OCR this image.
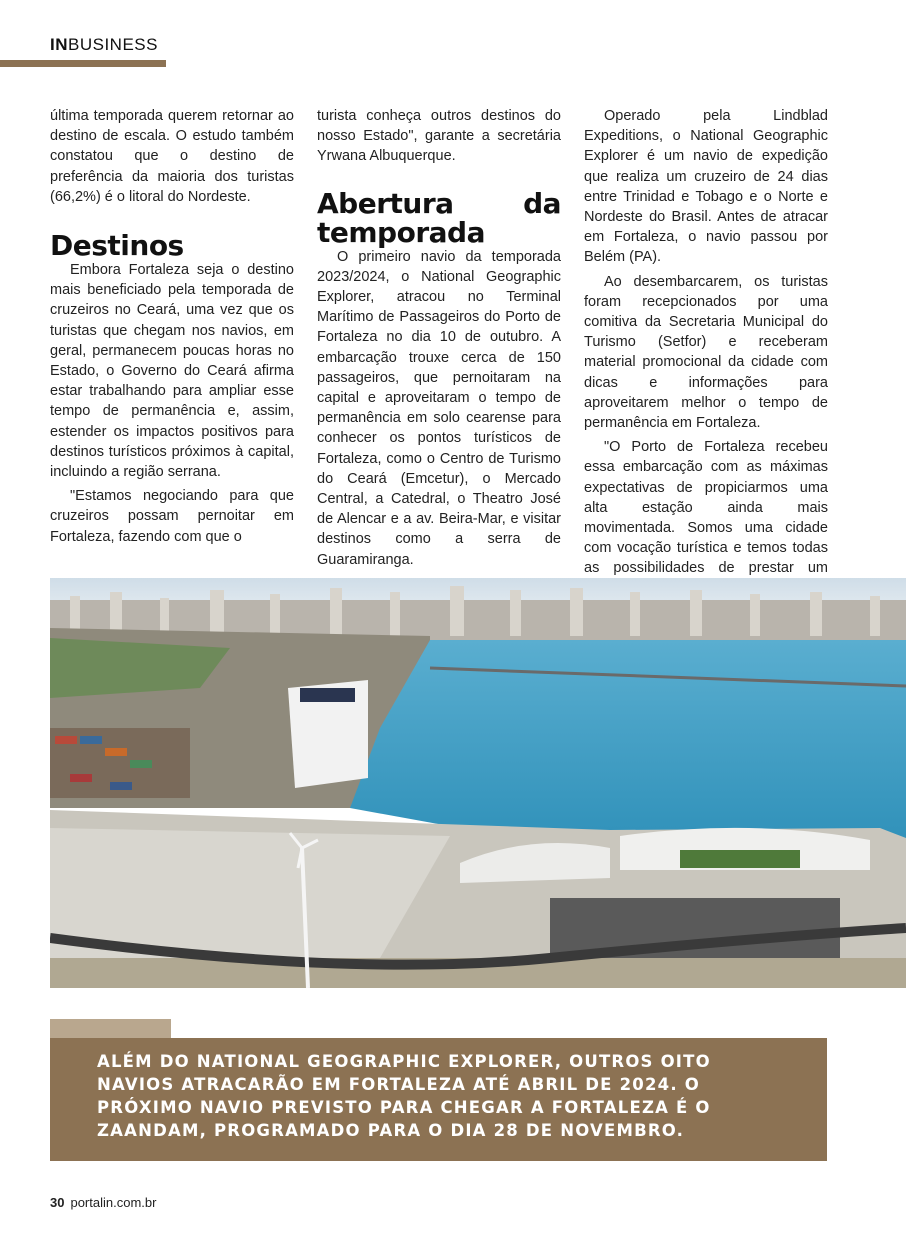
INBUSINESS

última temporada querem retornar ao destino de escala. O estudo também constatou que o destino de preferência da maioria dos turistas (66,2%) é o litoral do Nordeste.

Destinos

Embora Fortaleza seja o destino mais beneficiado pela temporada de cruzeiros no Ceará, uma vez que os turistas que chegam nos navios, em geral, permanecem poucas horas no Estado, o Governo do Ceará afirma estar trabalhando para ampliar esse tempo de permanência e, assim, estender os impactos positivos para destinos turísticos próximos à capital, incluindo a região serrana.

"Estamos negociando para que cruzeiros possam pernoitar em Fortaleza, fazendo com que o

turista conheça outros destinos do nosso Estado", garante a secretária Yrwana Albuquerque.

Abertura da temporada

O primeiro navio da temporada 2023/2024, o National Geographic Explorer, atracou no Terminal Marítimo de Passageiros do Porto de Fortaleza no dia 10 de outubro. A embarcação trouxe cerca de 150 passageiros, que pernoitaram na capital e aproveitaram o tempo de permanência em solo cearense para conhecer os pontos turísticos de Fortaleza, como o Centro de Turismo do Ceará (Emcetur), o Mercado Central, a Catedral, o Theatro José de Alencar e a av. Beira-Mar, e visitar destinos como a serra de Guaramiranga.

Operado pela Lindblad Expeditions, o National Geographic Explorer é um navio de expedição que realiza um cruzeiro de 24 dias entre Trinidad e Tobago e o Norte e Nordeste do Brasil. Antes de atracar em Fortaleza, o navio passou por Belém (PA).

Ao desembarcarem, os turistas foram recepcionados por uma comitiva da Secretaria Municipal do Turismo (Setfor) e receberam material promocional da cidade com dicas e informações para aproveitarem melhor o tempo de permanência em Fortaleza.

"O Porto de Fortaleza recebeu essa embarcação com as máximas expectativas de propiciarmos uma alta estação ainda mais movimentada. Somos uma cidade com vocação turística e temos todas as possibilidades de prestar um

ALÉM DO NATIONAL GEOGRAPHIC EXPLORER, OUTROS OITO NAVIOS ATRACARÃO EM FORTALEZA ATÉ ABRIL DE 2024. O PRÓXIMO NAVIO PREVISTO PARA CHEGAR A FORTALEZA É O ZAANDAM, PROGRAMADO PARA O DIA 28 DE NOVEMBRO.
30 portalin.com.br
